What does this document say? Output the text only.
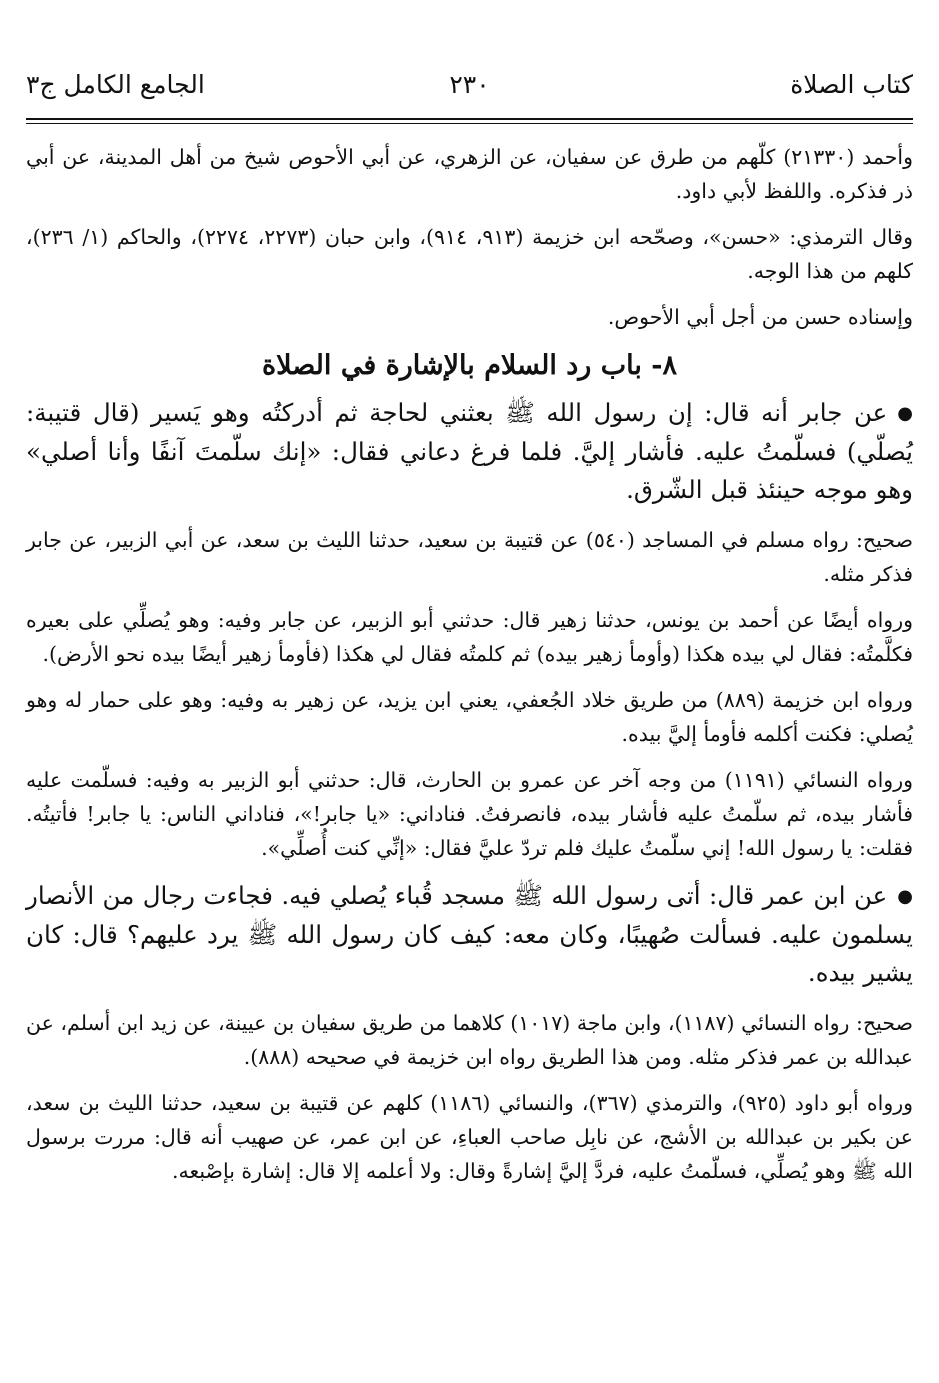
كتاب الصلاة
٢٣٠
الجامع الكامل ج٣

وأحمد (٢١٣٣٠) كلّهم من طرق عن سفيان، عن الزهري، عن أبي الأحوص شيخ من أهل المدينة، عن أبي ذر فذكره. واللفظ لأبي داود.

وقال الترمذي: «حسن»، وصحّحه ابن خزيمة (٩١٣، ٩١٤)، وابن حبان (٢٢٧٣، ٢٢٧٤)، والحاكم (١/ ٢٣٦)، كلهم من هذا الوجه.

وإسناده حسن من أجل أبي الأحوص.

٨- باب رد السلام بالإشارة في الصلاة

●عن جابر أنه قال: إن رسول الله ﷺ بعثني لحاجة ثم أدركتُه وهو يَسير (قال قتيبة: يُصلّي) فسلّمتُ عليه. فأشار إليَّ. فلما فرغ دعاني فقال: «إنك سلّمتَ آنفًا وأنا أصلي» وهو موجه حينئذ قبل الشّرق.

صحيح: رواه مسلم في المساجد (٥٤٠) عن قتيبة بن سعيد، حدثنا الليث بن سعد، عن أبي الزبير، عن جابر فذكر مثله.

ورواه أيضًا عن أحمد بن يونس، حدثنا زهير قال: حدثني أبو الزبير، عن جابر وفيه: وهو يُصلِّي على بعيره فكلَّمتُه: فقال لي بيده هكذا (وأومأ زهير بيده) ثم كلمتُه فقال لي هكذا (فأومأ زهير أيضًا بيده نحو الأرض).

ورواه ابن خزيمة (٨٨٩) من طريق خلاد الجُعفي، يعني ابن يزيد، عن زهير به وفيه: وهو على حمار له وهو يُصلي: فكنت أكلمه فأومأ إليَّ بيده.

ورواه النسائي (١١٩١) من وجه آخر عن عمرو بن الحارث، قال: حدثني أبو الزبير به وفيه: فسلّمت عليه فأشار بيده، ثم سلّمتُ عليه فأشار بيده، فانصرفتُ. فناداني: «يا جابر!»، فناداني الناس: يا جابر! فأتيتُه. فقلت: يا رسول الله! إني سلّمتُ عليك فلم تردّ عليَّ فقال: «إنِّي كنت أُصلِّي».

●عن ابن عمر قال: أتى رسول الله ﷺ مسجد قُباء يُصلي فيه. فجاءت رجال من الأنصار يسلمون عليه. فسألت صُهيبًا، وكان معه: كيف كان رسول الله ﷺ يرد عليهم؟ قال: كان يشير بيده.

صحيح: رواه النسائي (١١٨٧)، وابن ماجة (١٠١٧) كلاهما من طريق سفيان بن عيينة، عن زيد ابن أسلم، عن عبدالله بن عمر فذكر مثله. ومن هذا الطريق رواه ابن خزيمة في صحيحه (٨٨٨).

ورواه أبو داود (٩٢٥)، والترمذي (٣٦٧)، والنسائي (١١٨٦) كلهم عن قتيبة بن سعيد، حدثنا الليث بن سعد، عن بكير بن عبدالله بن الأشج، عن نابِل صاحب العباءِ، عن ابن عمر، عن صهيب أنه قال: مررت برسول الله ﷺ وهو يُصلِّي، فسلّمتُ عليه، فردَّ إليَّ إشارةً وقال: ولا أعلمه إلا قال: إشارة بإصْبعه.
